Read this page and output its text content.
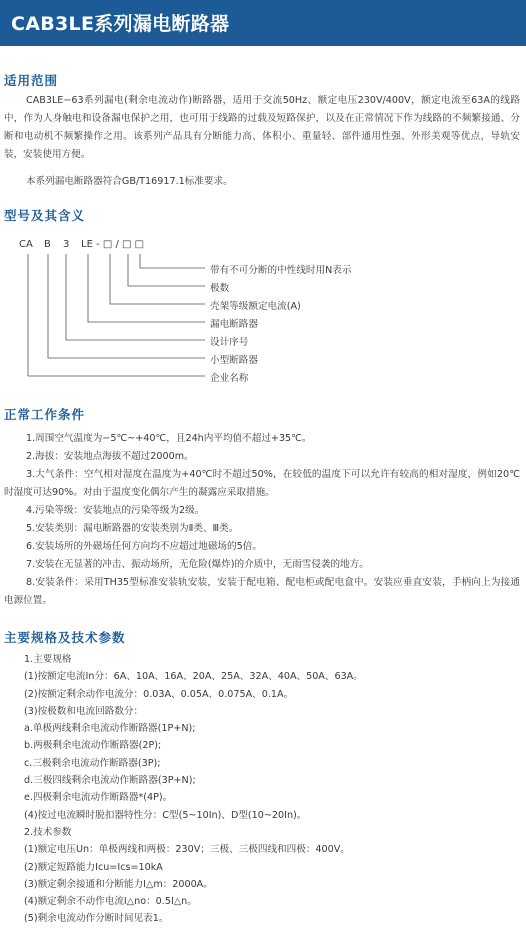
CAB3LE系列漏电断路器
适用范围
CAB3LE−63系列漏电(剩余电流动作)断路器，适用于交流50Hz、额定电压230V/400V，额定电流至63A的线路中，作为人身触电和设备漏电保护之用，也可用于线路的过载及短路保护，以及在正常情况下作为线路的不频繁接通、分断和电动机不频繁操作之用。该系列产品具有分断能力高、体积小、重量轻、部件通用性强、外形美观等优点，导轨安装，安装使用方便。
本系列漏电断路器符合GB/T16917.1标准要求。
型号及其含义
CA B 3 LE - □ / □ □
带有不可分断的中性线时用N表示
极数
壳架等级额定电流(A)
漏电断路器
设计序号
小型断路器
企业名称
正常工作条件
1.周围空气温度为−5℃~+40℃，且24h内平均值不超过+35℃。
2.海拔：安装地点海拔不超过2000m。
3.大气条件：空气相对湿度在温度为+40℃时不超过50%，在较低的温度下可以允许有较高的相对湿度，例如20℃时湿度可达90%。对由于温度变化偶尔产生的凝露应采取措施。
4.污染等级：安装地点的污染等级为2级。
5.安装类别：漏电断路器的安装类别为Ⅱ类、Ⅲ类。
6.安装场所的外磁场任何方向均不应超过地磁场的5倍。
7.安装在无显著的冲击、振动场所，无危险(爆炸)的介质中，无雨雪侵袭的地方。
8.安装条件：采用TH35型标准安装轨安装，安装于配电箱、配电柜或配电盒中。安装应垂直安装，手柄向上为接通电源位置。
主要规格及技术参数
1.主要规格
(1)按额定电流In分：6A、10A、16A、20A、25A、32A、40A、50A、63A。
(2)按额定剩余动作电流分：0.03A、0.05A、0.075A、0.1A。
(3)按极数和电流回路数分：
a.单极两线剩余电流动作断路器(1P+N);
b.两极剩余电流动作断路器(2P);
c.三极剩余电流动作断路器(3P);
d.三极四线剩余电流动作断路器(3P+N);
e.四极剩余电流动作断路器*(4P)。
(4)按过电流瞬时脱扣器特性分：C型(5~10In)、D型(10~20In)。
2.技术参数
(1)额定电压Un：单极两线和两极：230V；三极、三极四线和四极：400V。
(2)额定短路能力Icu=Ics=10kA
(3)额定剩余接通和分断能力I△m：2000A。
(4)额定剩余不动作电流I△no：0.5I△n。
(5)剩余电流动作分断时间见表1。
